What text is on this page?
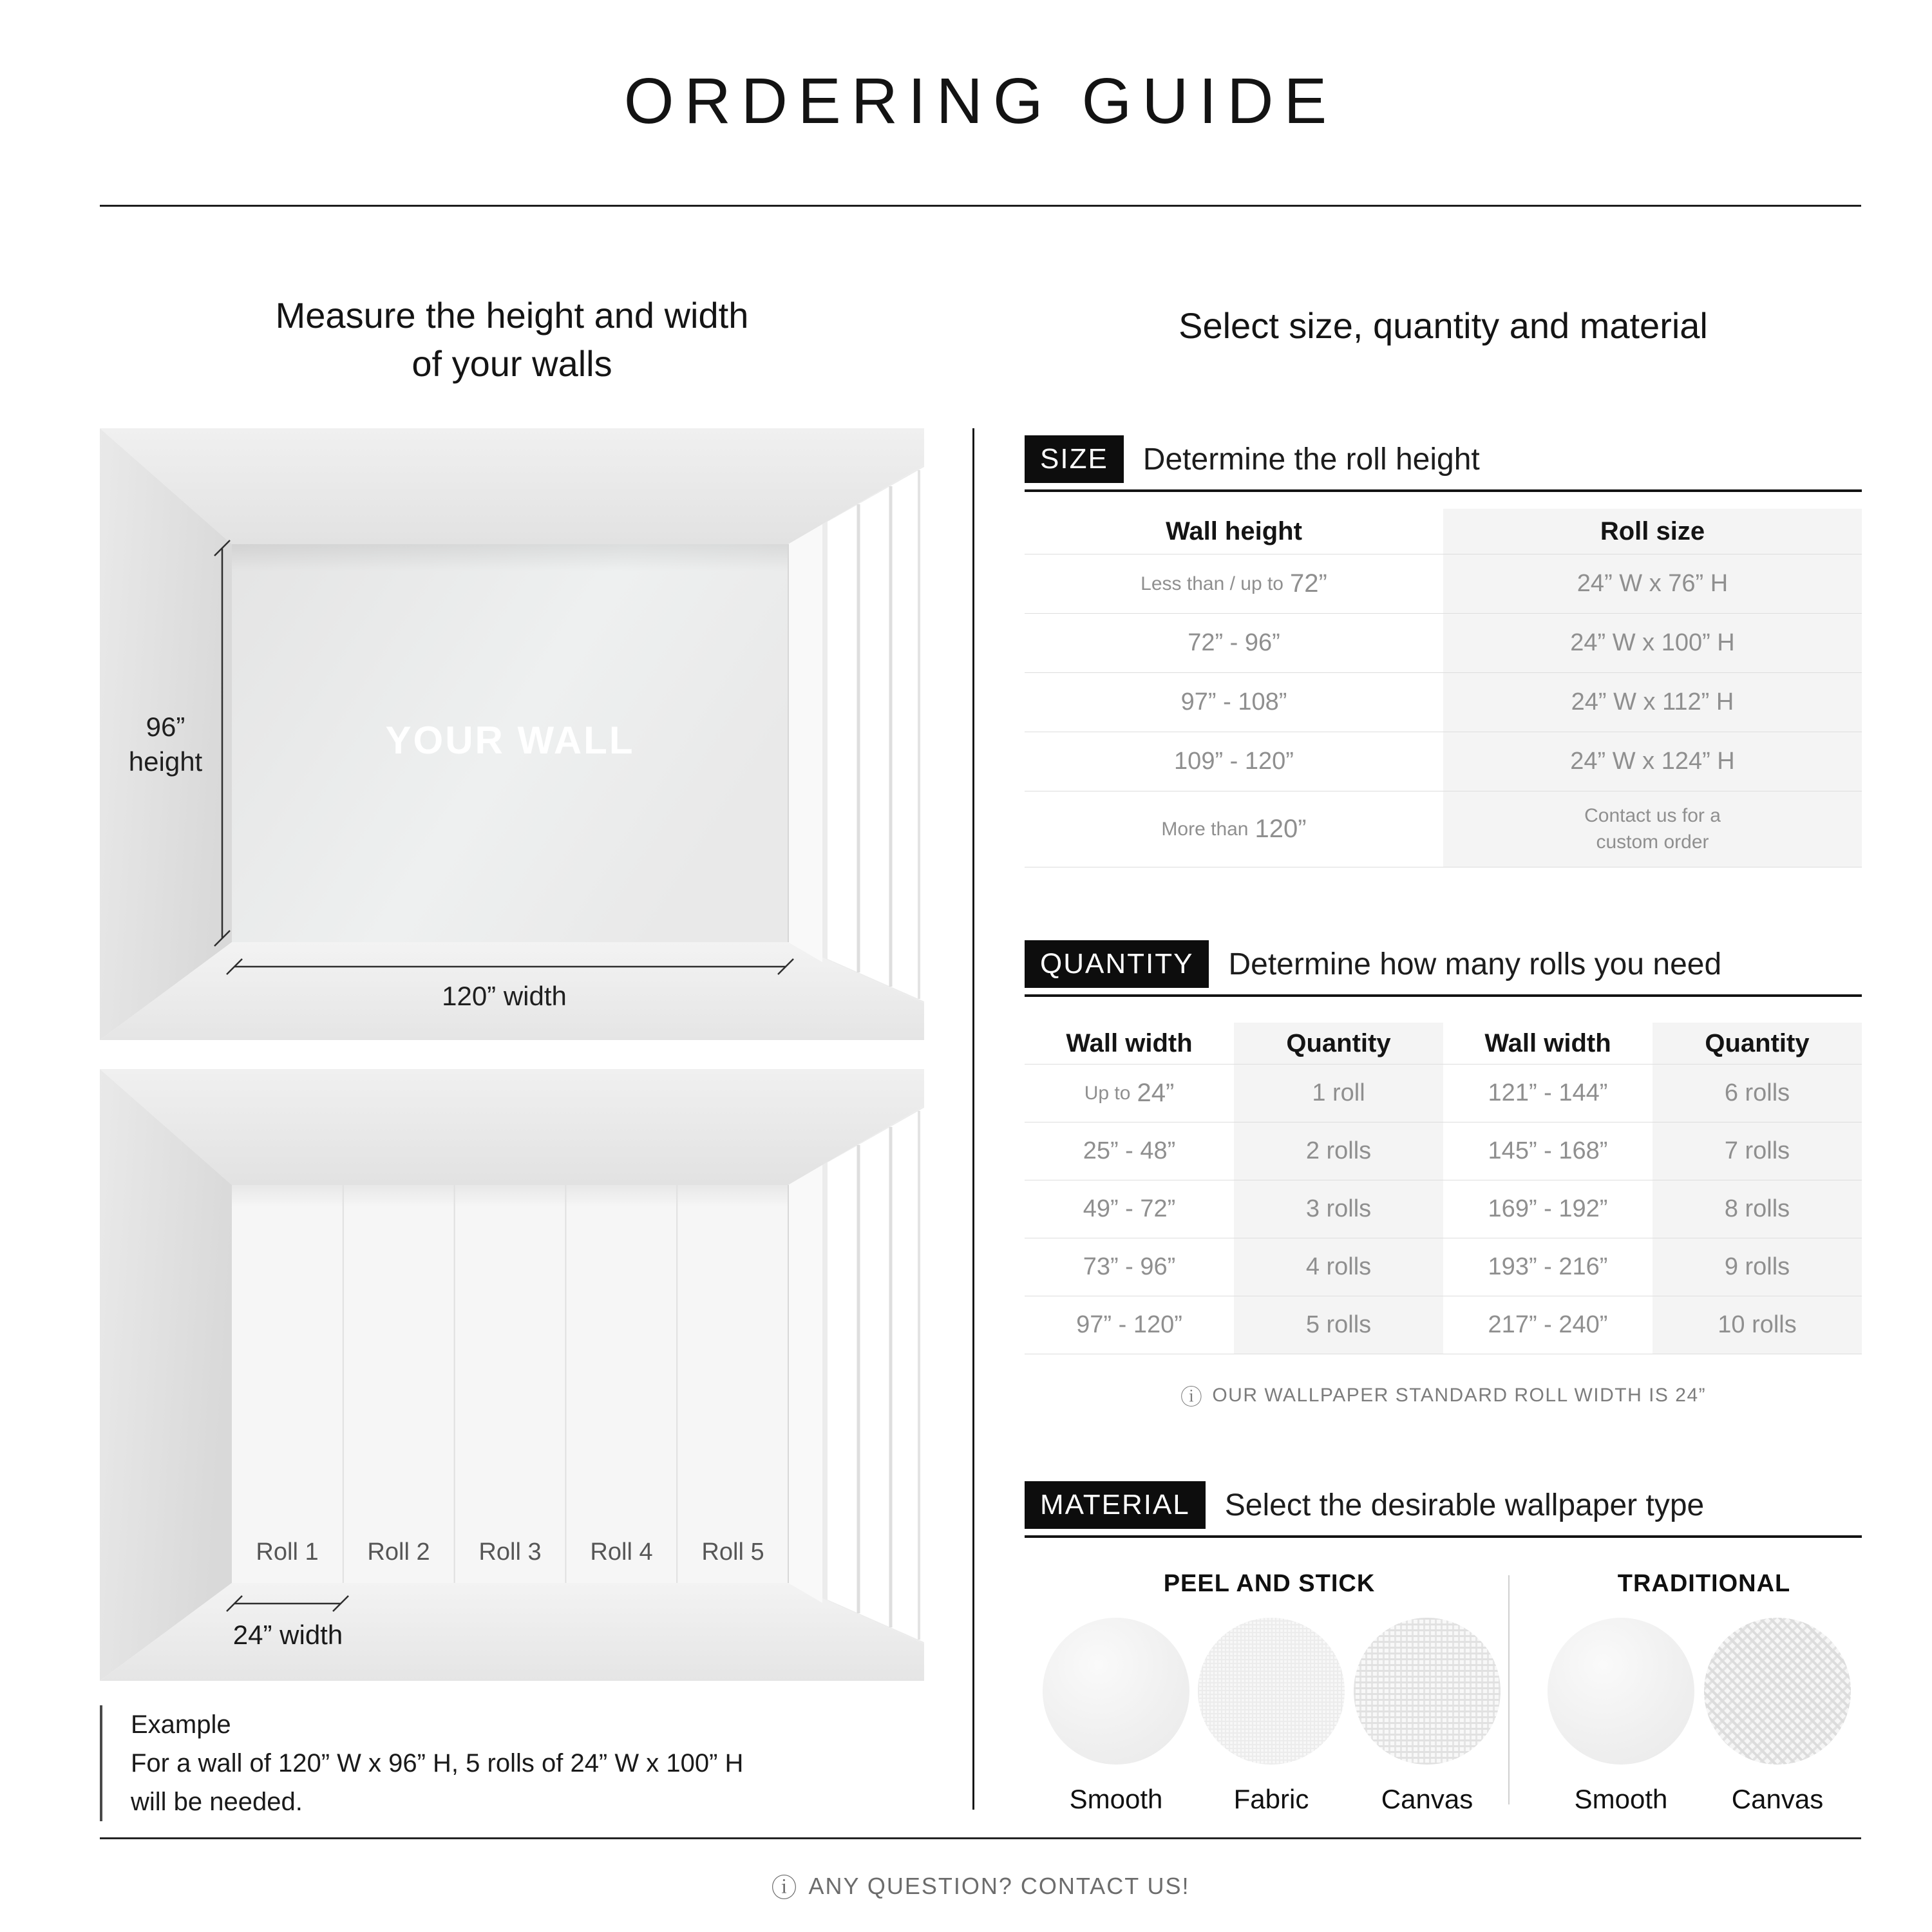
ORDERING GUIDE
Measure the height and width
of your walls
Select size, quantity and material
96”
height	YOUR WALL
120” width
Roll 1 Roll 2 Roll 3 Roll 4 Roll 5
24” width
Example
For a wall of 120” W x 96” H, 5 rolls of 24” W x 100” H
will be needed.
SIZE	Determine the roll height
Wall height	Roll size
Less than / up to 72”	24” W x 76” H
72” - 96”	24” W x 100” H
97” - 108”	24” W x 112” H
109” - 120”	24” W x 124” H
More than 120”	Contact us for a
custom order
QUANTITY	Determine how many rolls you need
Wall width	Quantity	Wall width	Quantity
Up to 24”	1 roll	121” - 144”	6 rolls
25” - 48”	2 rolls	145” - 168”	7 rolls
49” - 72”	3 rolls	169” - 192”	8 rolls
73” - 96”	4 rolls	193” - 216”	9 rolls
97” - 120”	5 rolls	217” - 240”	10 rolls
ⓘ OUR WALLPAPER STANDARD ROLL WIDTH IS 24”
MATERIAL	Select the desirable wallpaper type
PEEL AND STICK	TRADITIONAL
Smooth	Fabric	Canvas	Smooth	Canvas
ⓘ ANY QUESTION? CONTACT US!
